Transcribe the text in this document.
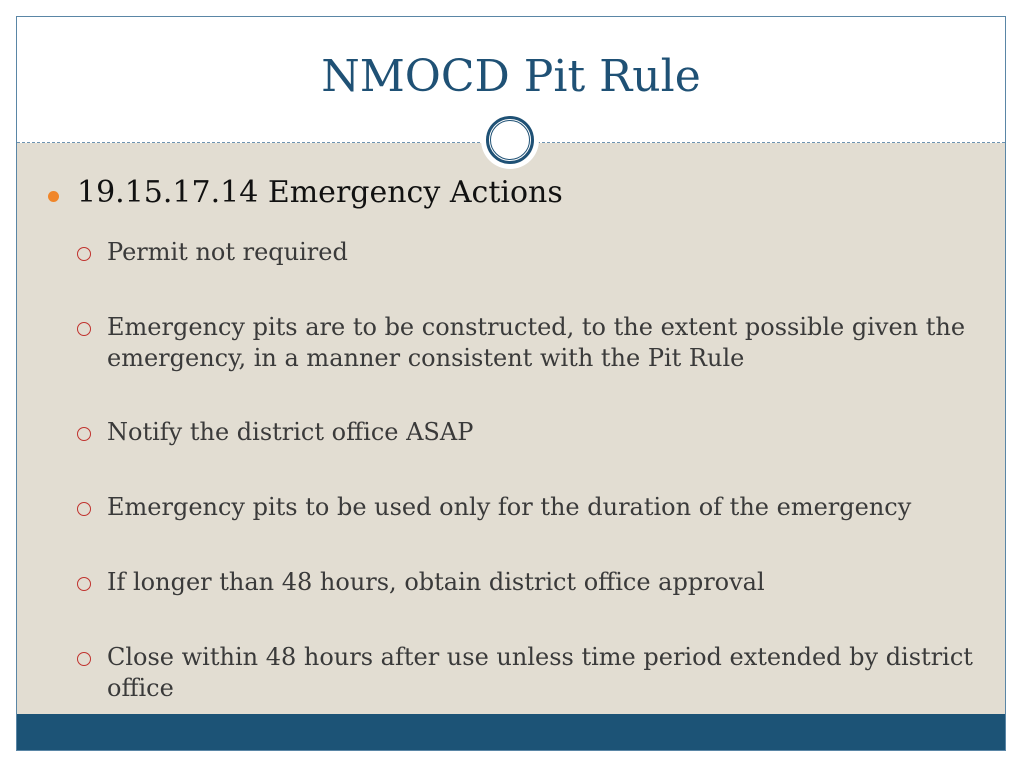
NMOCD Pit Rule
19.15.17.14 Emergency Actions
Permit not required
Emergency pits are to be constructed, to the extent possible given the emergency, in a manner consistent with the Pit Rule
Notify the district office ASAP
Emergency pits to be used only for the duration of the emergency
If longer than 48 hours, obtain district office approval
Close within 48 hours after use unless time period extended by district office
